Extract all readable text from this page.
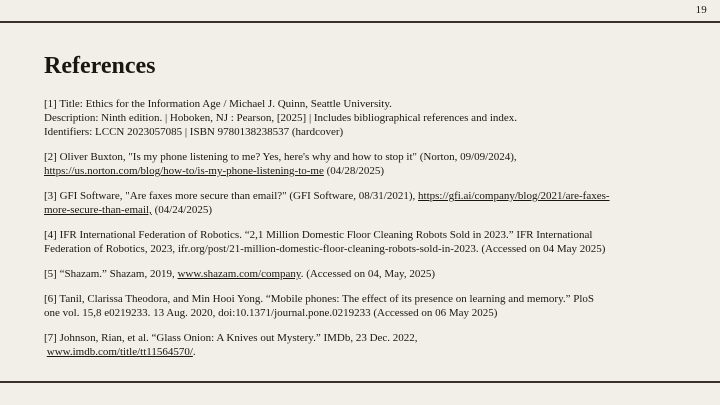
19
References
[1] Title: Ethics for the Information Age / Michael J. Quinn, Seattle University.
Description: Ninth edition. | Hoboken, NJ : Pearson, [2025] | Includes bibliographical references and index.
Identifiers: LCCN 2023057085 | ISBN 9780138238537 (hardcover)
[2] Oliver Buxton, "Is my phone listening to me? Yes, here's why and how to stop it" (Norton, 09/09/2024),
https://us.norton.com/blog/how-to/is-my-phone-listening-to-me (04/28/2025)
[3] GFI Software, "Are faxes more secure than email?" (GFI Software, 08/31/2021), https://gfi.ai/company/blog/2021/are-faxes-
more-secure-than-email, (04/24/2025)
[4] IFR International Federation of Robotics. “2,1 Million Domestic Floor Cleaning Robots Sold in 2023.” IFR International
Federation of Robotics, 2023, ifr.org/post/21-million-domestic-floor-cleaning-robots-sold-in-2023. (Accessed on 04 May 2025)
[5] “Shazam.” Shazam, 2019, www.shazam.com/company. (Accessed on 04, May, 2025)
[6] Tanil, Clarissa Theodora, and Min Hooi Yong. “Mobile phones: The effect of its presence on learning and memory.” PloS
one vol. 15,8 e0219233. 13 Aug. 2020, doi:10.1371/journal.pone.0219233 (Accessed on 06 May 2025)
[7] Johnson, Rian, et al. “Glass Onion: A Knives out Mystery.” IMDb, 23 Dec. 2022,
www.imdb.com/title/tt11564570/.
